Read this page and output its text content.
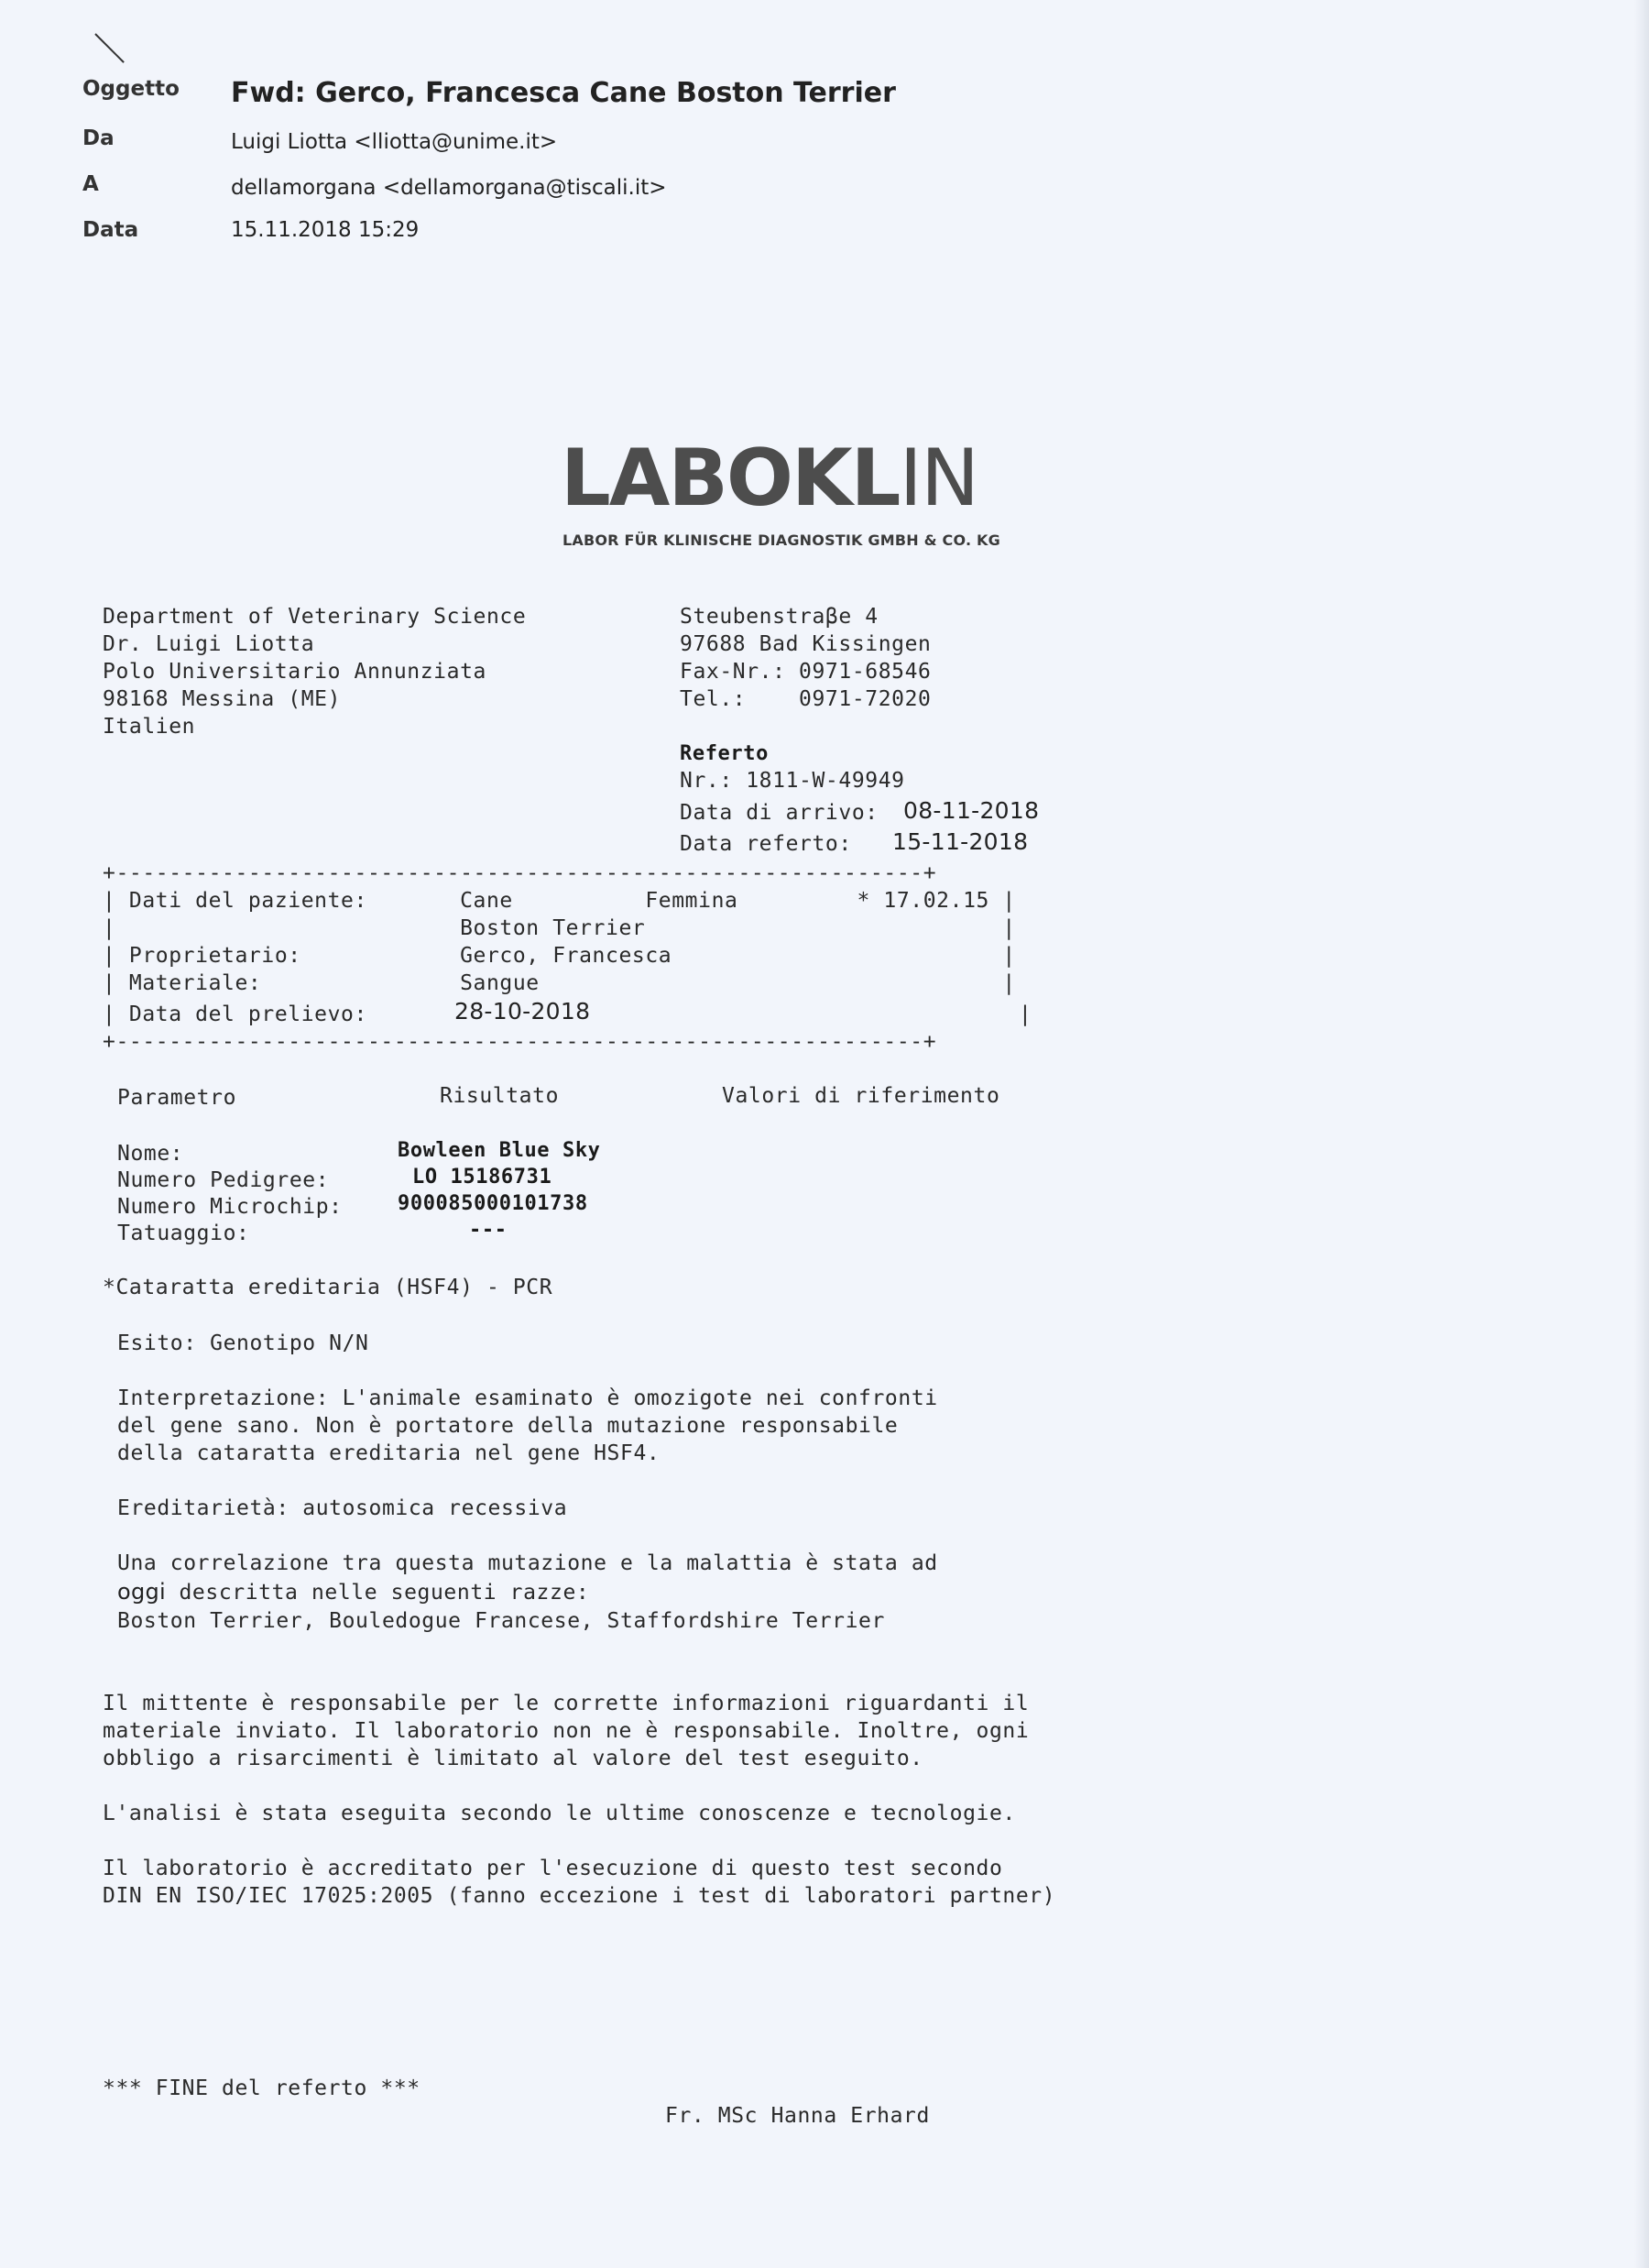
Oggetto Fwd: Gerco, Francesca Cane Boston Terrier
Da	Luigi Liotta <lliotta@unime.it>
A	dellamorgana <dellamorgana@tiscali.it>
Data	15.11.2018 15:29
LABOKLIN
LABOR FÜR KLINISCHE DIAGNOSTIK GMBH & CO. KG
Department of Veterinary Science
Dr. Luigi Liotta
Polo Universitario Annunziata
98168 Messina (ME)
Italien
Steubenstraβe 4
97688 Bad Kissingen
Fax-Nr.: 0971-68546
Tel.:    0971-72020
Referto
Nr.: 1811-W-49949
Data di arrivo: 08-11-2018
Data referto: 15-11-2018
+-------------------------------------------------------------+
| Dati del paziente:       Cane          Femmina         * 17.02.15 |
|                          Boston Terrier                           |
| Proprietario:            Gerco, Francesca                         |
| Materiale:               Sangue                                   |
| Data del prelievo:	28-10-2018	|
+-------------------------------------------------------------+
Parametro	Risultato	Valori di riferimento
Nome:	Bowleen Blue Sky
Numero Pedigree:	LO 15186731
Numero Microchip:	900085000101738
Tatuaggio:	---
*Cataratta ereditaria (HSF4) - PCR
Esito: Genotipo N/N
Interpretazione: L'animale esaminato è omozigote nei confronti
del gene sano. Non è portatore della mutazione responsabile
della cataratta ereditaria nel gene HSF4.
Ereditarietà: autosomica recessiva
Una correlazione tra questa mutazione e la malattia è stata ad
oggi descritta nelle seguenti razze:
Boston Terrier, Bouledogue Francese, Staffordshire Terrier
Il mittente è responsabile per le corrette informazioni riguardanti il
materiale inviato. Il laboratorio non ne è responsabile. Inoltre, ogni
obbligo a risarcimenti è limitato al valore del test eseguito.
L'analisi è stata eseguita secondo le ultime conoscenze e tecnologie.
Il laboratorio è accreditato per l'esecuzione di questo test secondo
DIN EN ISO/IEC 17025:2005 (fanno eccezione i test di laboratori partner)
*** FINE del referto ***
Fr. MSc Hanna Erhard
